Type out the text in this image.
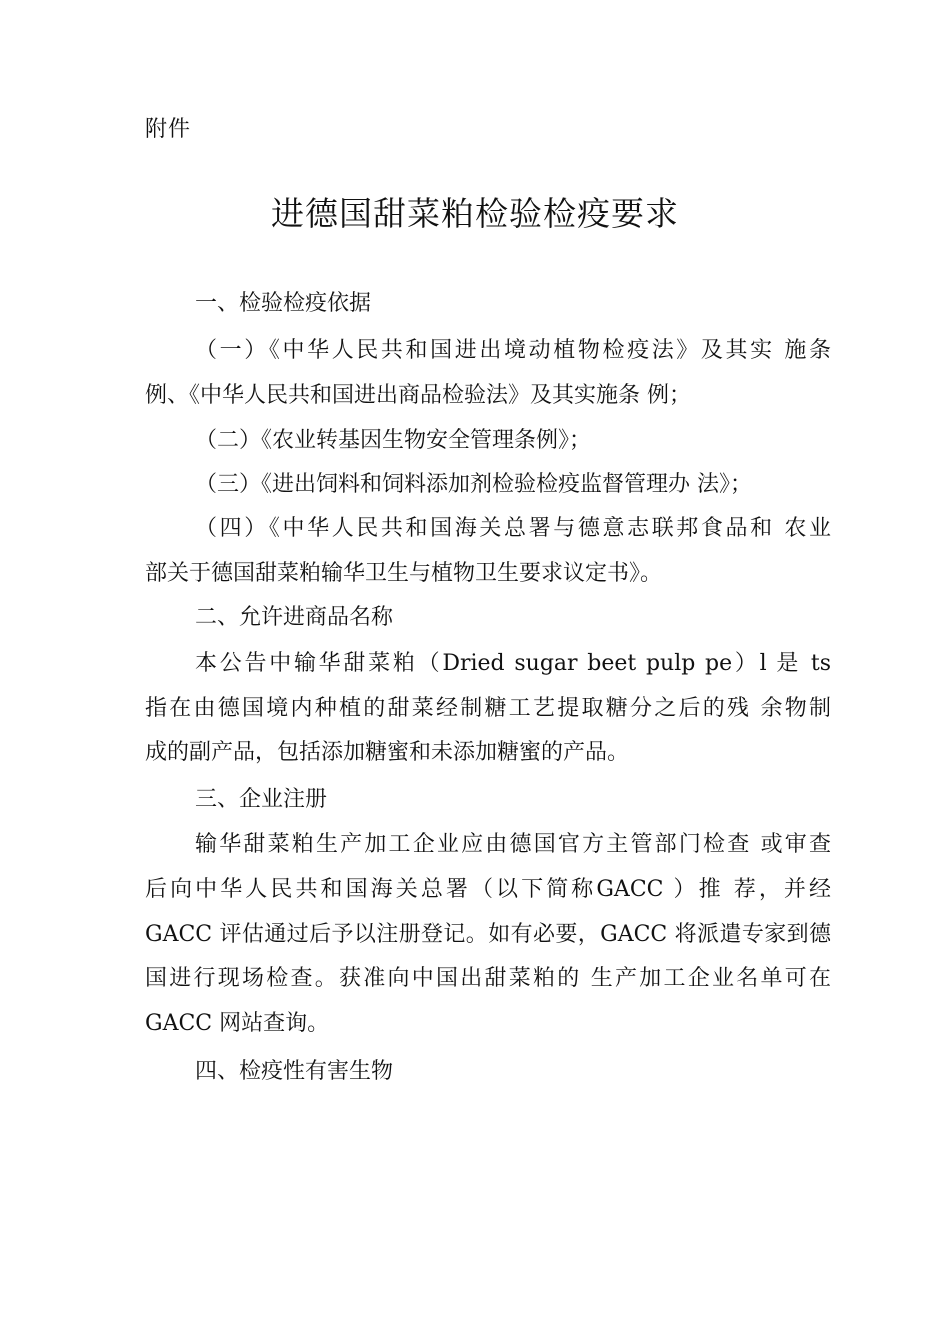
附件
进德国甜菜粕检验检疫要求
一、检验检疫依据
（一）《中华人民共和国进出境动植物检疫法》及其实 施条
例、《中华人民共和国进出商品检验法》及其实施条 例；
（二）《农业转基因生物安全管理条例》；
（三）《进出饲料和饲料添加剂检验检疫监督管理办 法》；
（四）《中华人民共和国海关总署与德意志联邦食品和 农业
部关于德国甜菜粕输华卫生与植物卫生要求议定书》。
二、允许进商品名称
本公告中输华甜菜粕（Dried sugar beet pulp pe）l 是 ts
指在由德国境内种植的甜菜经制糖工艺提取糖分之后的残 余物制
成的副产品，包括添加糖蜜和未添加糖蜜的产品。
三、企业注册
输华甜菜粕生产加工企业应由德国官方主管部门检查 或审查
后向中华人民共和国海关总署（以下简称GACC ）推 荐，并经
GACC 评估通过后予以注册登记。如有必要，GACC 将派遣专家到德
国进行现场检查。获准向中国出甜菜粕的 生产加工企业名单可在
GACC 网站查询。
四、检疫性有害生物
